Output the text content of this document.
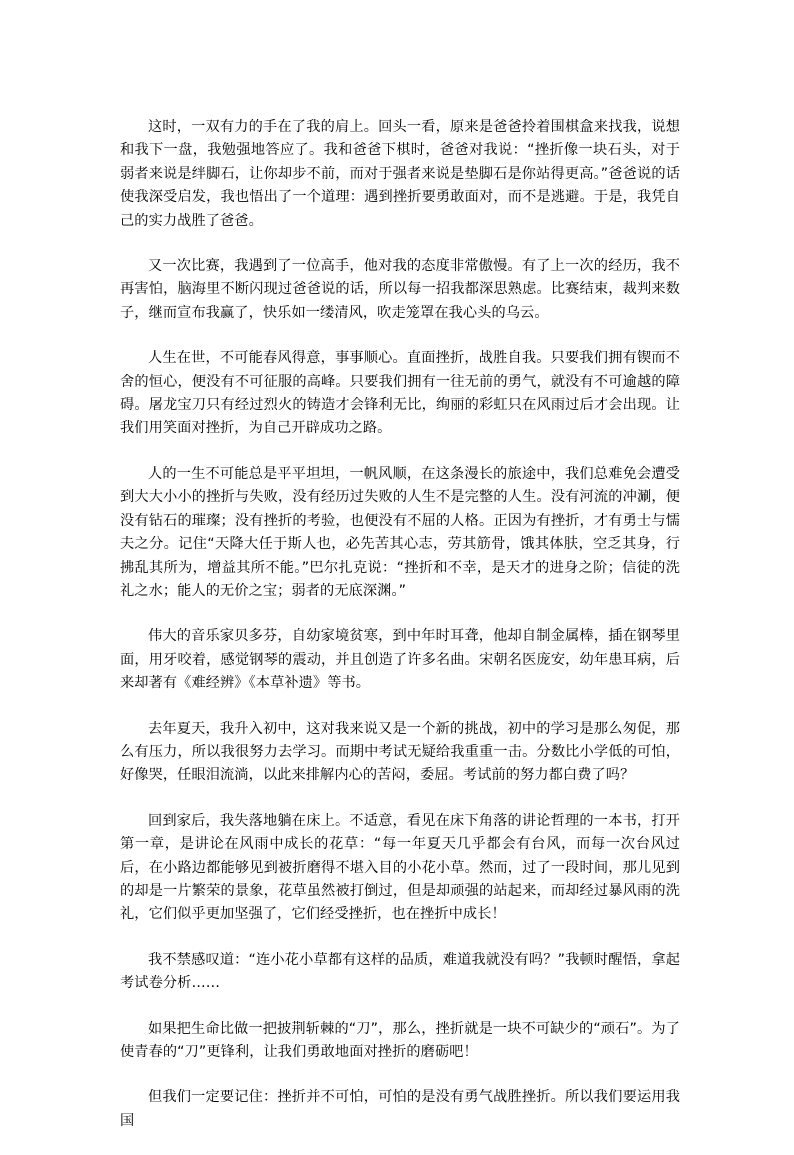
这时，一双有力的手在了我的肩上。回头一看，原来是爸爸拎着围棋盒来找我，说想和我下一盘，我勉强地答应了。我和爸爸下棋时，爸爸对我说：“挫折像一块石头，对于弱者来说是绊脚石，让你却步不前，而对于强者来说是垫脚石是你站得更高。”爸爸说的话使我深受启发，我也悟出了一个道理：遇到挫折要勇敢面对，而不是逃避。于是，我凭自己的实力战胜了爸爸。

又一次比赛，我遇到了一位高手，他对我的态度非常傲慢。有了上一次的经历，我不再害怕，脑海里不断闪现过爸爸说的话，所以每一招我都深思熟虑。比赛结束，裁判来数子，继而宣布我赢了，快乐如一缕清风，吹走笼罩在我心头的乌云。

人生在世，不可能春风得意，事事顺心。直面挫折，战胜自我。只要我们拥有锲而不舍的恒心，便没有不可征服的高峰。只要我们拥有一往无前的勇气，就没有不可逾越的障碍。屠龙宝刀只有经过烈火的铸造才会锋利无比，绚丽的彩虹只在风雨过后才会出现。让我们用笑面对挫折，为自己开辟成功之路。

人的一生不可能总是平平坦坦，一帆风顺，在这条漫长的旅途中，我们总难免会遭受到大大小小的挫折与失败，没有经历过失败的人生不是完整的人生。没有河流的冲涮，便没有钻石的璀璨；没有挫折的考验，也便没有不屈的人格。正因为有挫折，才有勇士与懦夫之分。记住“天降大任于斯人也，必先苦其心志，劳其筋骨，饿其体肤，空乏其身，行拂乱其所为，增益其所不能。”巴尔扎克说：“挫折和不幸，是天才的进身之阶；信徒的洗礼之水；能人的无价之宝；弱者的无底深渊。”

伟大的音乐家贝多芬，自幼家境贫寒，到中年时耳聋，他却自制金属棒，插在钢琴里面，用牙咬着，感觉钢琴的震动，并且创造了许多名曲。宋朝名医庞安，幼年患耳病，后来却著有《难经辨》《本草补遗》等书。

去年夏天，我升入初中，这对我来说又是一个新的挑战，初中的学习是那么匆促，那么有压力，所以我很努力去学习。而期中考试无疑给我重重一击。分数比小学低的可怕，好像哭，任眼泪流淌，以此来排解内心的苦闷，委屈。考试前的努力都白费了吗？

回到家后，我失落地躺在床上。不适意，看见在床下角落的讲论哲理的一本书，打开第一章，是讲论在风雨中成长的花草：“每一年夏天几乎都会有台风，而每一次台风过后，在小路边都能够见到被折磨得不堪入目的小花小草。然而，过了一段时间，那儿见到的却是一片繁荣的景象，花草虽然被打倒过，但是却顽强的站起来，而却经过暴风雨的洗礼，它们似乎更加坚强了，它们经受挫折，也在挫折中成长！

我不禁感叹道：“连小花小草都有这样的品质，难道我就没有吗？”我顿时醒悟，拿起考试卷分析……

如果把生命比做一把披荆斩棘的“刀”，那么，挫折就是一块不可缺少的“顽石”。为了使青春的“刀”更锋利，让我们勇敢地面对挫折的磨砺吧！

但我们一定要记住：挫折并不可怕，可怕的是没有勇气战胜挫折。所以我们要运用我国
